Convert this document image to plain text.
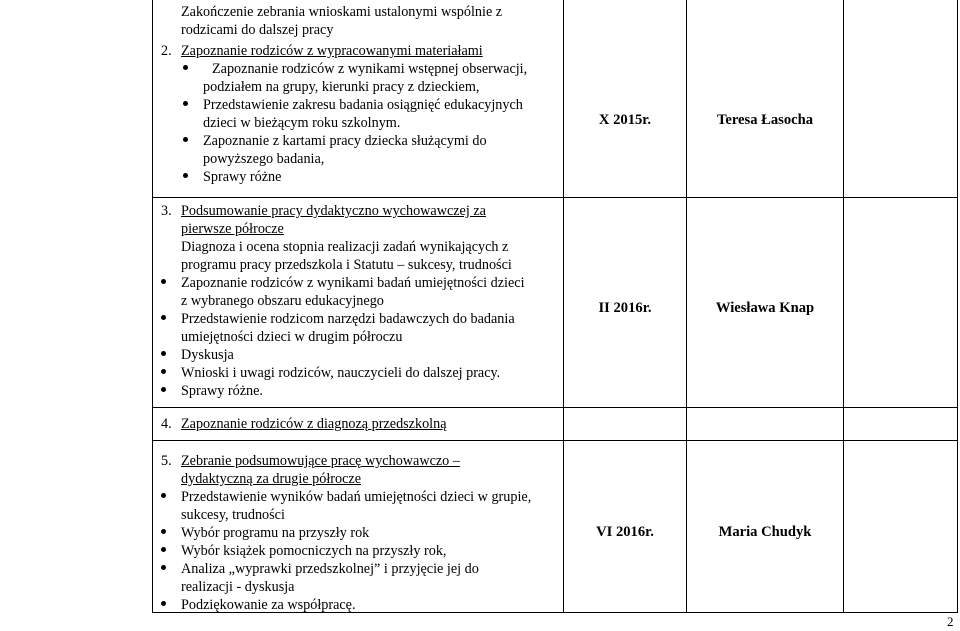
Zakończenie zebrania wnioskami ustalonymi wspólnie z
rodzicami do dalszej pracy
2. Zapoznanie rodziców z wypracowanymi materiałami
Zapoznanie rodziców z wynikami wstępnej obserwacji,
podziałem na grupy, kierunki pracy z dzieckiem,
Przedstawienie zakresu badania osiągnięć edukacyjnych
dzieci w bieżącym roku szkolnym.
Zapoznanie z kartami pracy dziecka służącymi do
powyższego badania,
Sprawy różne
X 2015r.	Teresa Łasocha
3. Podsumowanie pracy dydaktyczno wychowawczej za
pierwsze półrocze
Diagnoza i ocena stopnia realizacji zadań wynikających z
programu pracy przedszkola i Statutu – sukcesy, trudności
Zapoznanie rodziców z wynikami badań umiejętności dzieci
z wybranego obszaru edukacyjnego
Przedstawienie rodzicom narzędzi badawczych do badania
umiejętności dzieci w drugim półroczu
Dyskusja
Wnioski i uwagi rodziców, nauczycieli do dalszej pracy.
Sprawy różne.
II 2016r.	Wiesława Knap
4. Zapoznanie rodziców z diagnozą przedszkolną
5. Zebranie podsumowujące pracę wychowawczo –
dydaktyczną za drugie półrocze
Przedstawienie wyników badań umiejętności dzieci w grupie,
sukcesy, trudności
Wybór programu na przyszły rok
Wybór książek pomocniczych na przyszły rok,
Analiza „wyprawki przedszkolnej” i przyjęcie jej do
realizacji - dyskusja
Podziękowanie za współpracę.
VI 2016r.	Maria Chudyk
2
